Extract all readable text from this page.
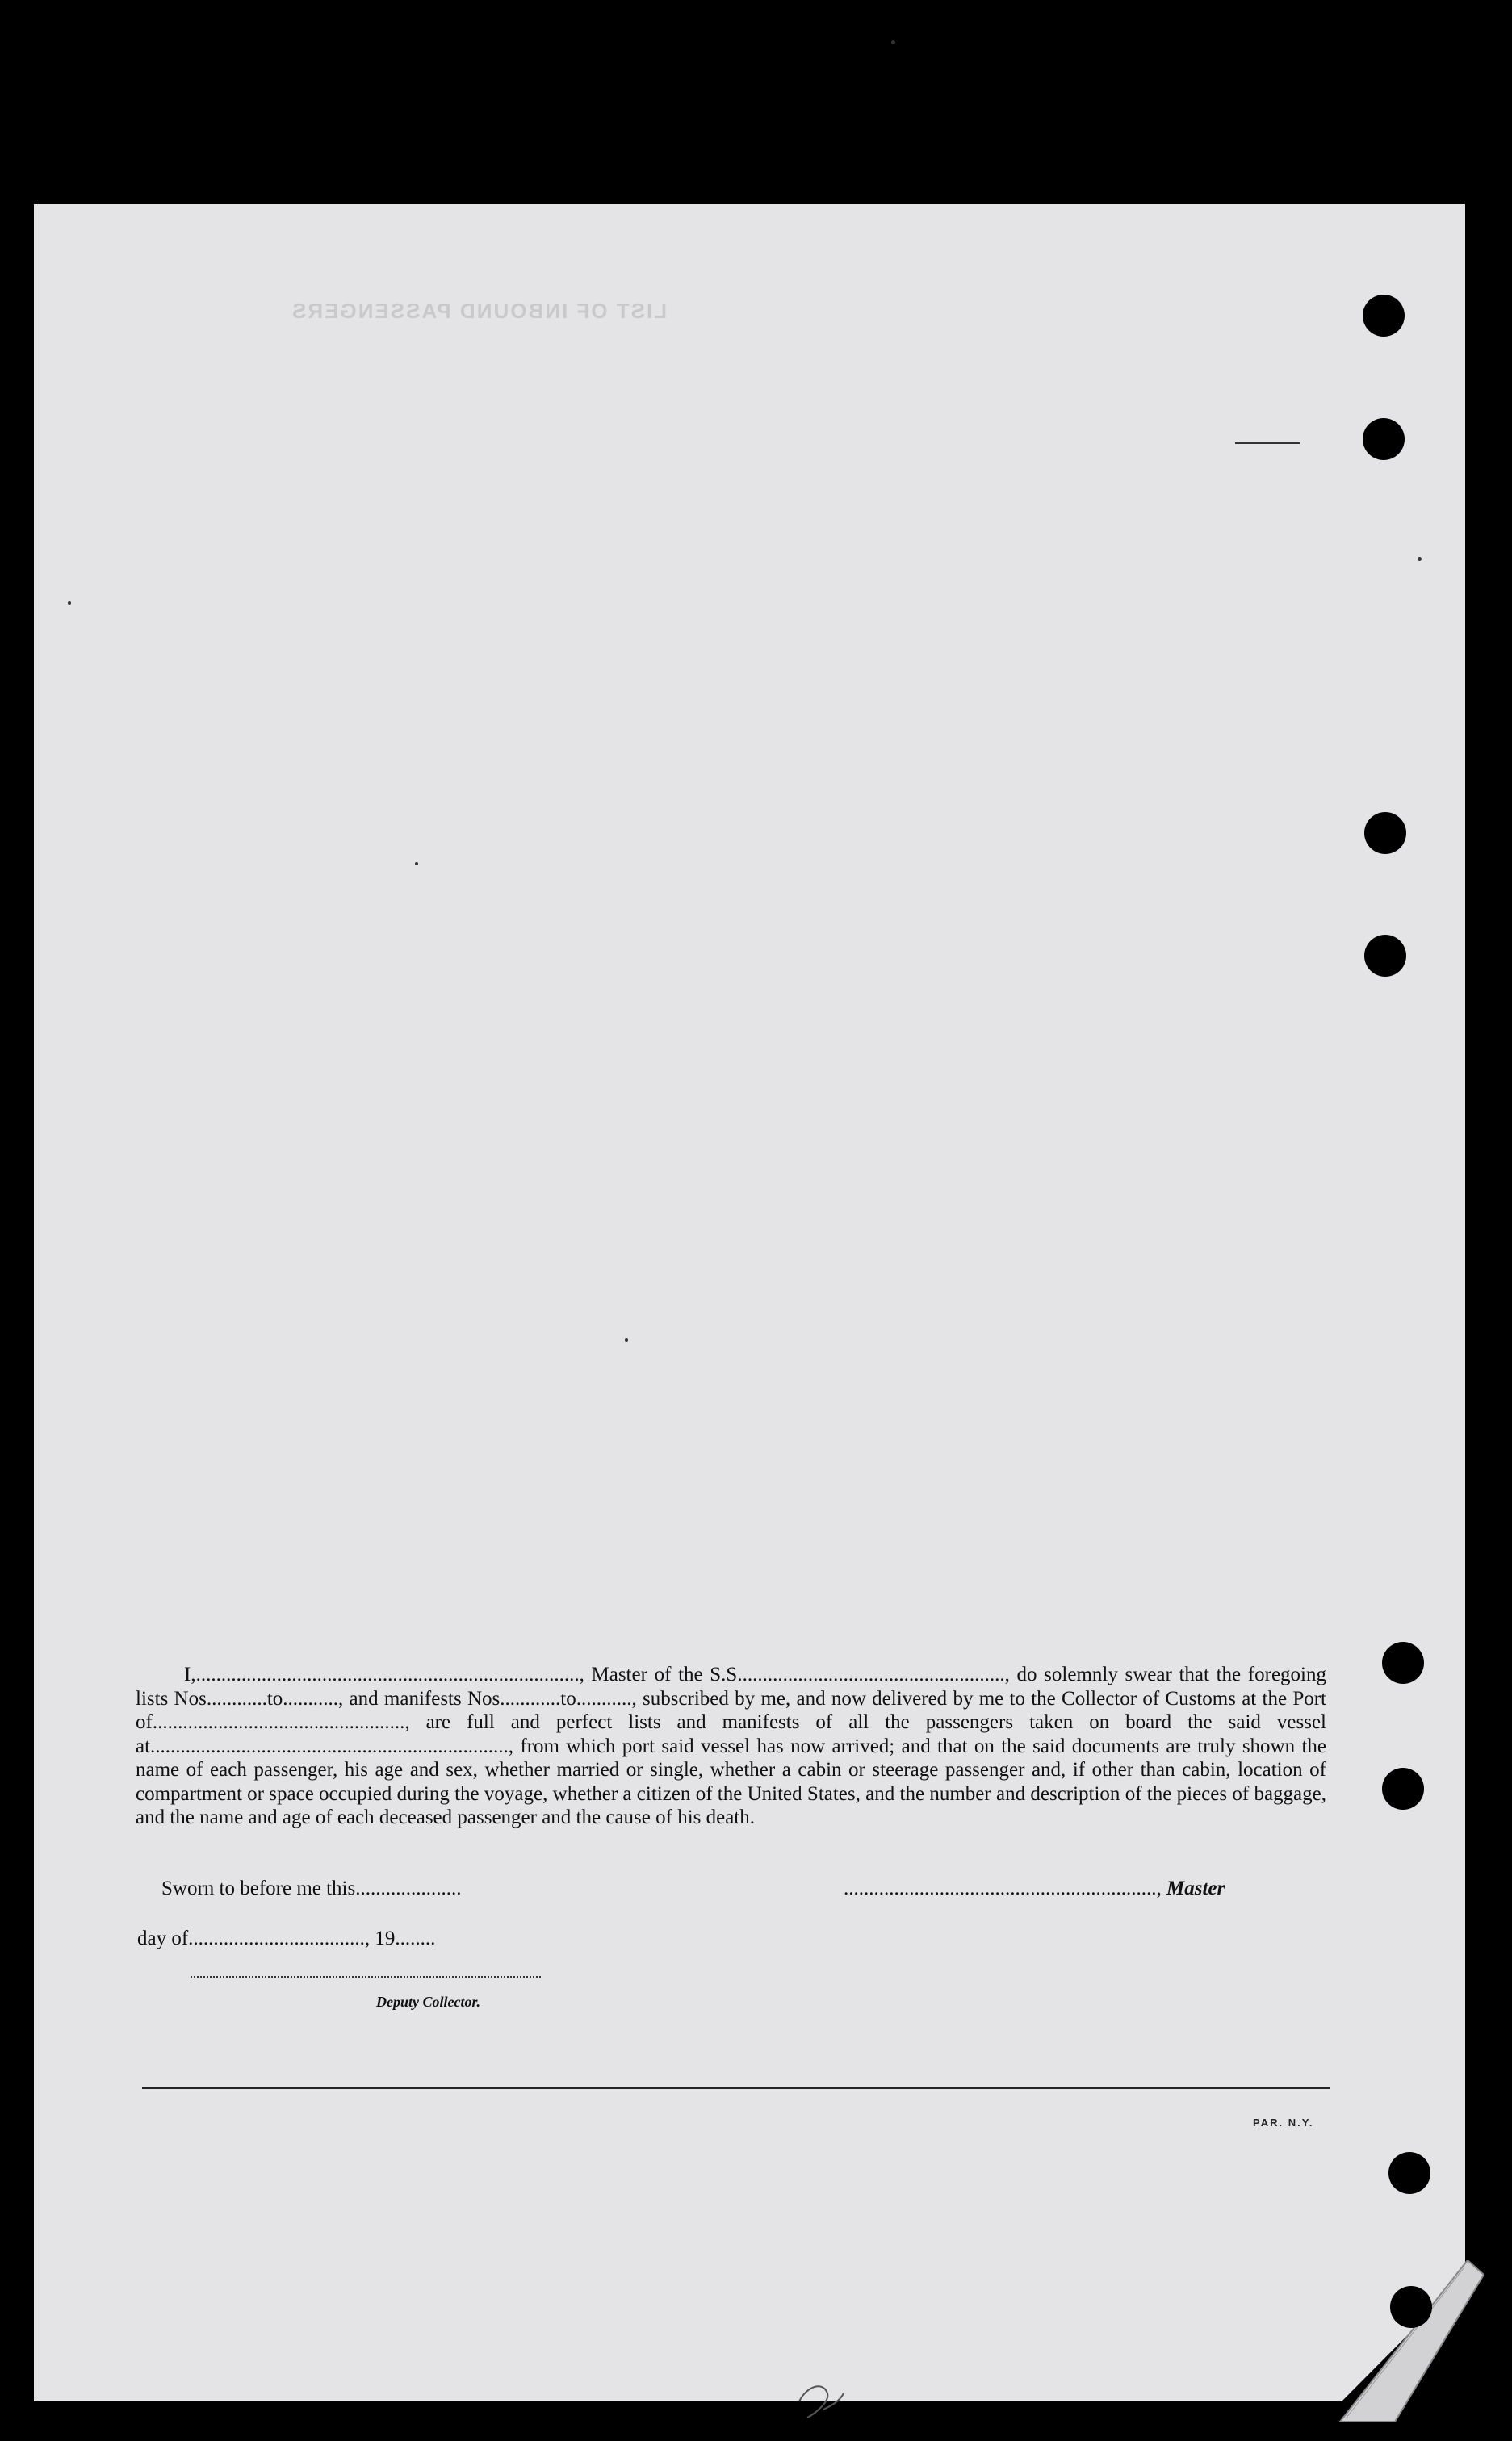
LIST OF INBOUND PASSENGERS

I,............................................................................, Master of the S.S....................................................., do solemnly swear that the foregoing lists Nos............to..........., and manifests Nos............to..........., subscribed by me, and now delivered by me to the Collector of Customs at the Port of.................................................., are full and perfect lists and manifests of all the passengers taken on board the said vessel at......................................................................., from which port said vessel has now arrived; and that on the said documents are truly shown the name of each passenger, his age and sex, whether married or single, whether a cabin or steerage passenger and, if other than cabin, location of compartment or space occupied during the voyage, whether a citizen of the United States, and the number and description of the pieces of baggage, and the name and age of each deceased passenger and the cause of his death.

Sworn to before me this.....................	.............................................................., Master
day of..................................., 19........
Deputy Collector.
PAR. N.Y.
